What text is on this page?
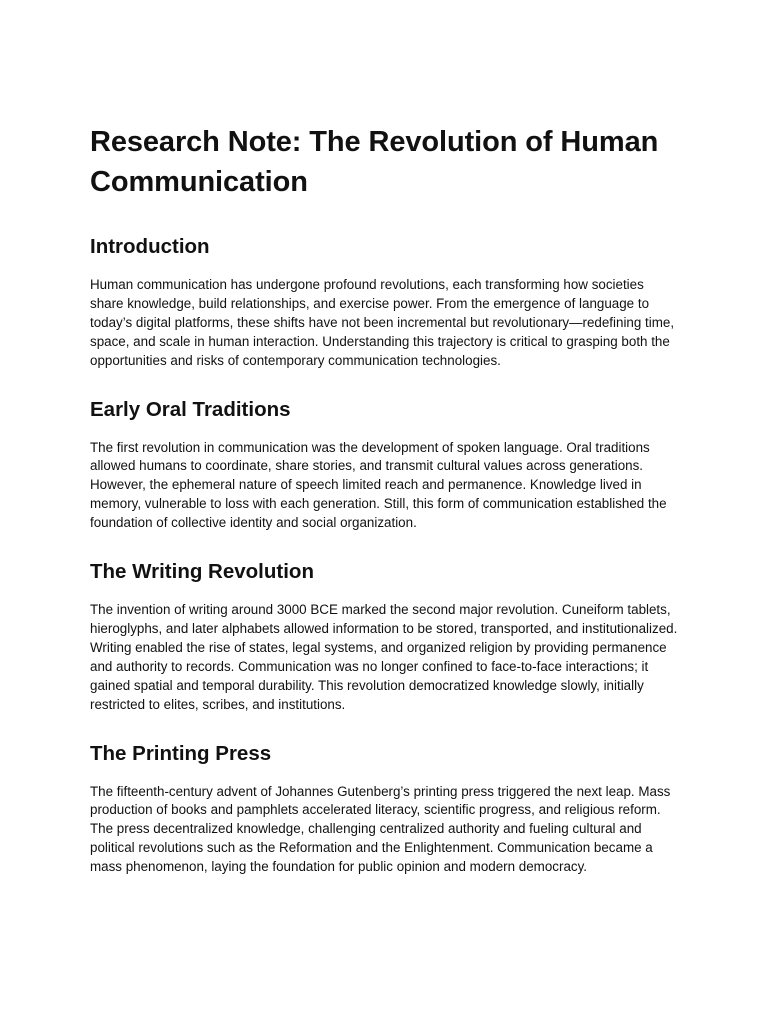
Research Note: The Revolution of Human Communication
Introduction

Human communication has undergone profound revolutions, each transforming how societies share knowledge, build relationships, and exercise power. From the emergence of language to today’s digital platforms, these shifts have not been incremental but revolutionary—redefining time, space, and scale in human interaction. Understanding this trajectory is critical to grasping both the opportunities and risks of contemporary communication technologies.

Early Oral Traditions

The first revolution in communication was the development of spoken language. Oral traditions allowed humans to coordinate, share stories, and transmit cultural values across generations. However, the ephemeral nature of speech limited reach and permanence. Knowledge lived in memory, vulnerable to loss with each generation. Still, this form of communication established the foundation of collective identity and social organization.

The Writing Revolution

The invention of writing around 3000 BCE marked the second major revolution. Cuneiform tablets, hieroglyphs, and later alphabets allowed information to be stored, transported, and institutionalized. Writing enabled the rise of states, legal systems, and organized religion by providing permanence and authority to records. Communication was no longer confined to face-to-face interactions; it gained spatial and temporal durability. This revolution democratized knowledge slowly, initially restricted to elites, scribes, and institutions.

The Printing Press

The fifteenth-century advent of Johannes Gutenberg’s printing press triggered the next leap. Mass production of books and pamphlets accelerated literacy, scientific progress, and religious reform. The press decentralized knowledge, challenging centralized authority and fueling cultural and political revolutions such as the Reformation and the Enlightenment. Communication became a mass phenomenon, laying the foundation for public opinion and modern democracy.
